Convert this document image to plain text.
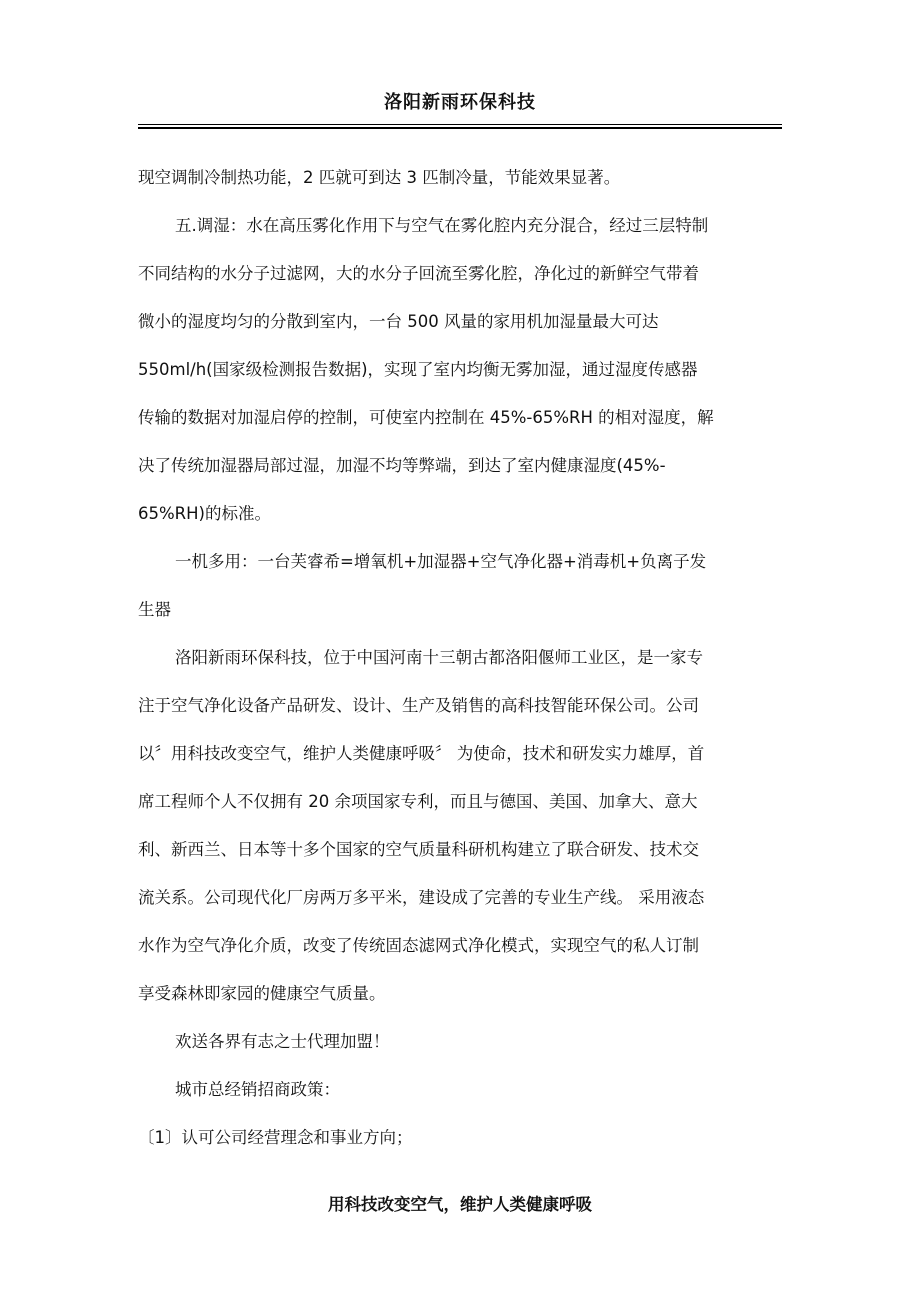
洛阳新雨环保科技

现空调制冷制热功能，2 匹就可到达 3 匹制冷量，节能效果显著。

五.调湿：水在高压雾化作用下与空气在雾化腔内充分混合，经过三层特制

不同结构的水分子过滤网，大的水分子回流至雾化腔，净化过的新鲜空气带着

微小的湿度均匀的分散到室内，一台 500 风量的家用机加湿量最大可达

550ml/h(国家级检测报告数据)，实现了室内均衡无雾加湿，通过湿度传感器

传输的数据对加湿启停的控制，可使室内控制在 45%-65%RH 的相对湿度，解

决了传统加湿器局部过湿，加湿不均等弊端，到达了室内健康湿度(45%-

65%RH)的标准。

一机多用：一台芙睿希=增氧机+加湿器+空气净化器+消毒机+负离子发

生器

洛阳新雨环保科技，位于中国河南十三朝古都洛阳偃师工业区，是一家专

注于空气净化设备产品研发、设计、生产及销售的高科技智能环保公司。公司

以〞用科技改变空气，维护人类健康呼吸〞 为使命，技术和研发实力雄厚，首

席工程师个人不仅拥有 20 余项国家专利，而且与德国、美国、加拿大、意大

利、新西兰、日本等十多个国家的空气质量科研机构建立了联合研发、技术交

流关系。公司现代化厂房两万多平米，建设成了完善的专业生产线。 采用液态

水作为空气净化介质，改变了传统固态滤网式净化模式，实现空气的私人订制

享受森林即家园的健康空气质量。

欢送各界有志之士代理加盟！

城市总经销招商政策：

〔1〕认可公司经营理念和事业方向；

用科技改变空气，维护人类健康呼吸
